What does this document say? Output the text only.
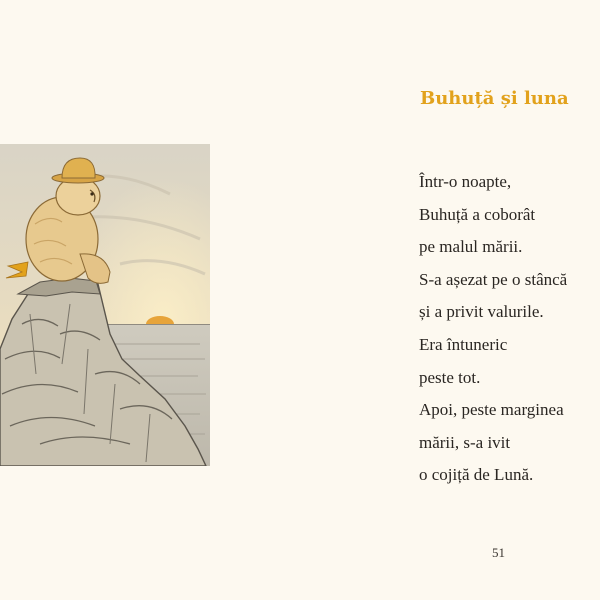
Buhuță și luna
Într-o noapte,
Buhuță a coborât
pe malul mării.
S-a așezat pe o stâncă
și a privit valurile.
Era întuneric
peste tot.
Apoi, peste marginea
mării, s-a ivit
o cojiță de Lună.
51
